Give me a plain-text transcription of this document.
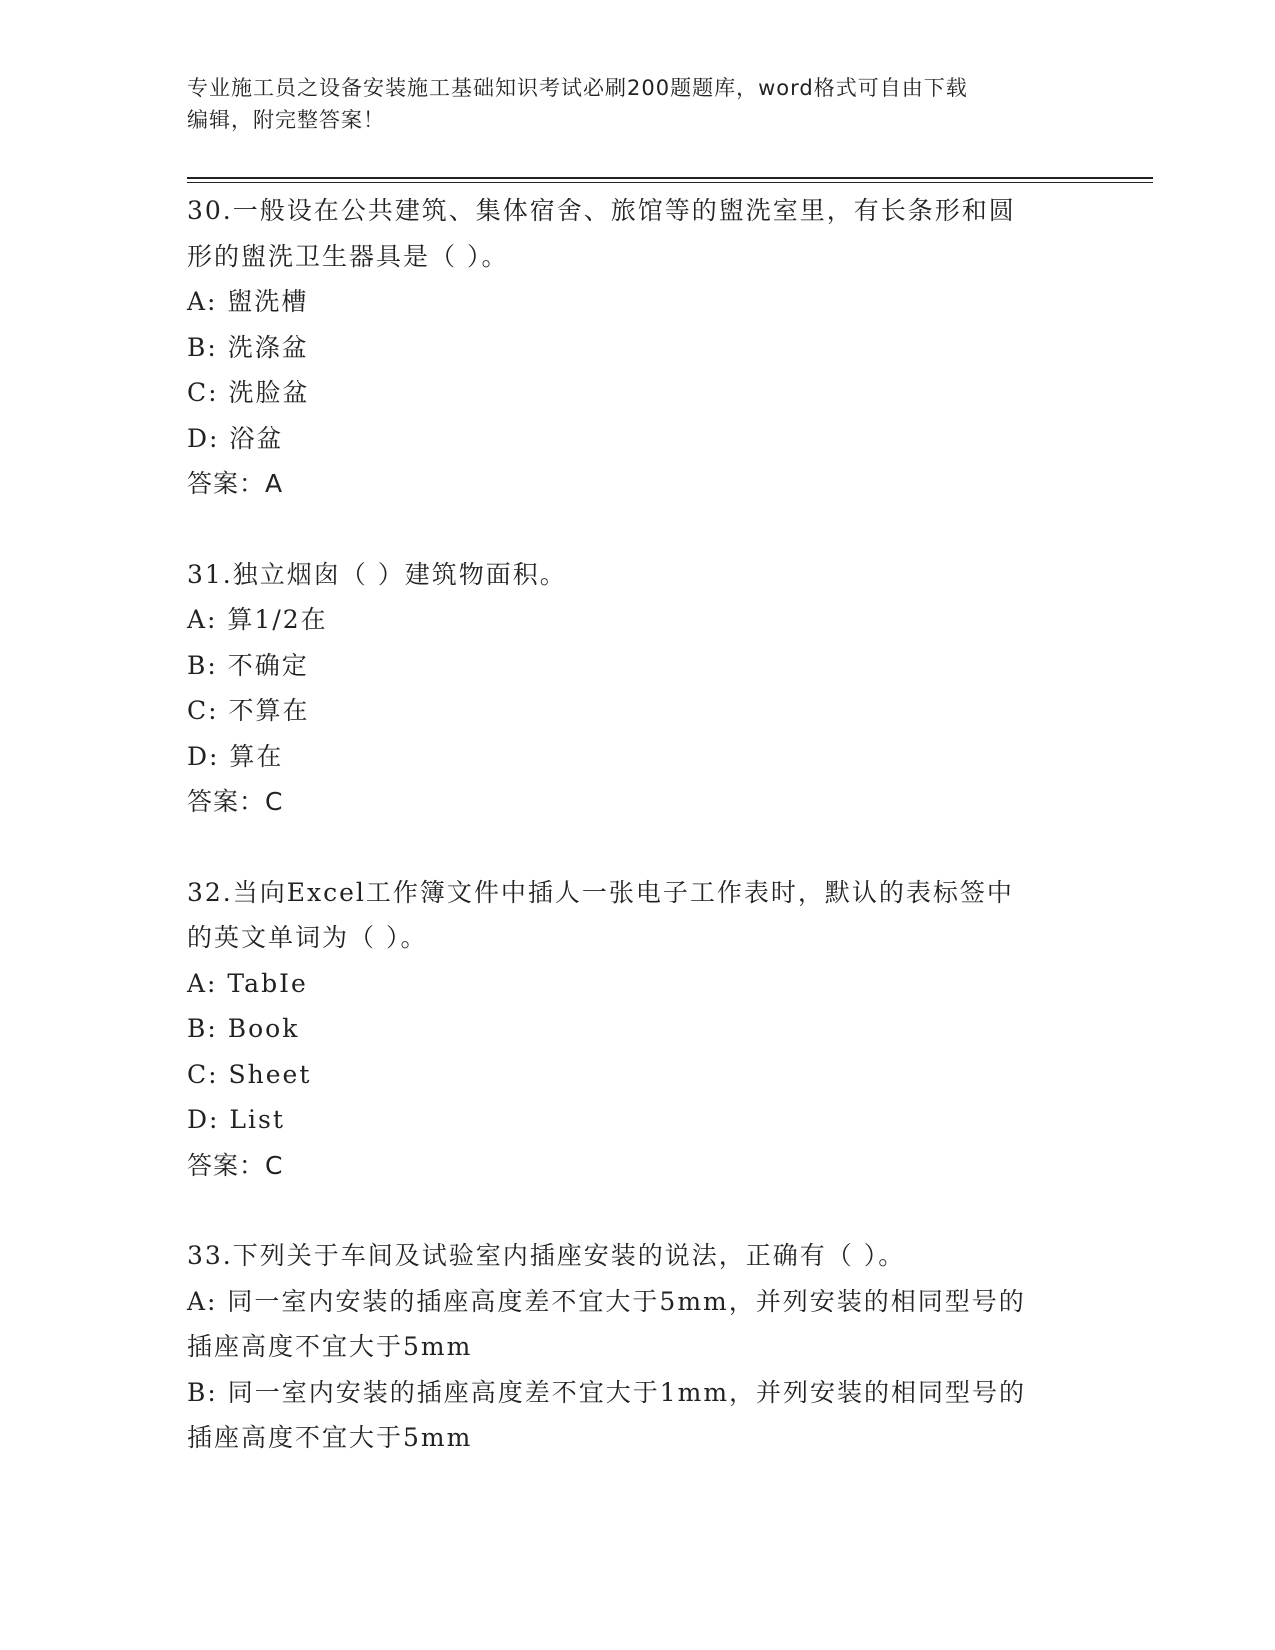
专业施工员之设备安装施工基础知识考试必刷200题题库，word格式可自由下载
编辑，附完整答案！
30.一般设在公共建筑、集体宿舍、旅馆等的盥洗室里，有长条形和圆
形的盥洗卫生器具是（ ）。
A: 盥洗槽
B: 洗涤盆
C: 洗脸盆
D: 浴盆
答案：A
31.独立烟囱（ ）建筑物面积。
A: 算1/2在
B: 不确定
C: 不算在
D: 算在
答案：C
32.当向Excel工作簿文件中插人一张电子工作表时，默认的表标签中
的英文单词为（ ）。
A: TabIe
B: Book
C: Sheet
D: List
答案：C
33.下列关于车间及试验室内插座安装的说法，正确有（ ）。
A: 同一室内安装的插座高度差不宜大于5mm，并列安装的相同型号的
插座高度不宜大于5mm
B: 同一室内安装的插座高度差不宜大于1mm，并列安装的相同型号的
插座高度不宜大于5mm
